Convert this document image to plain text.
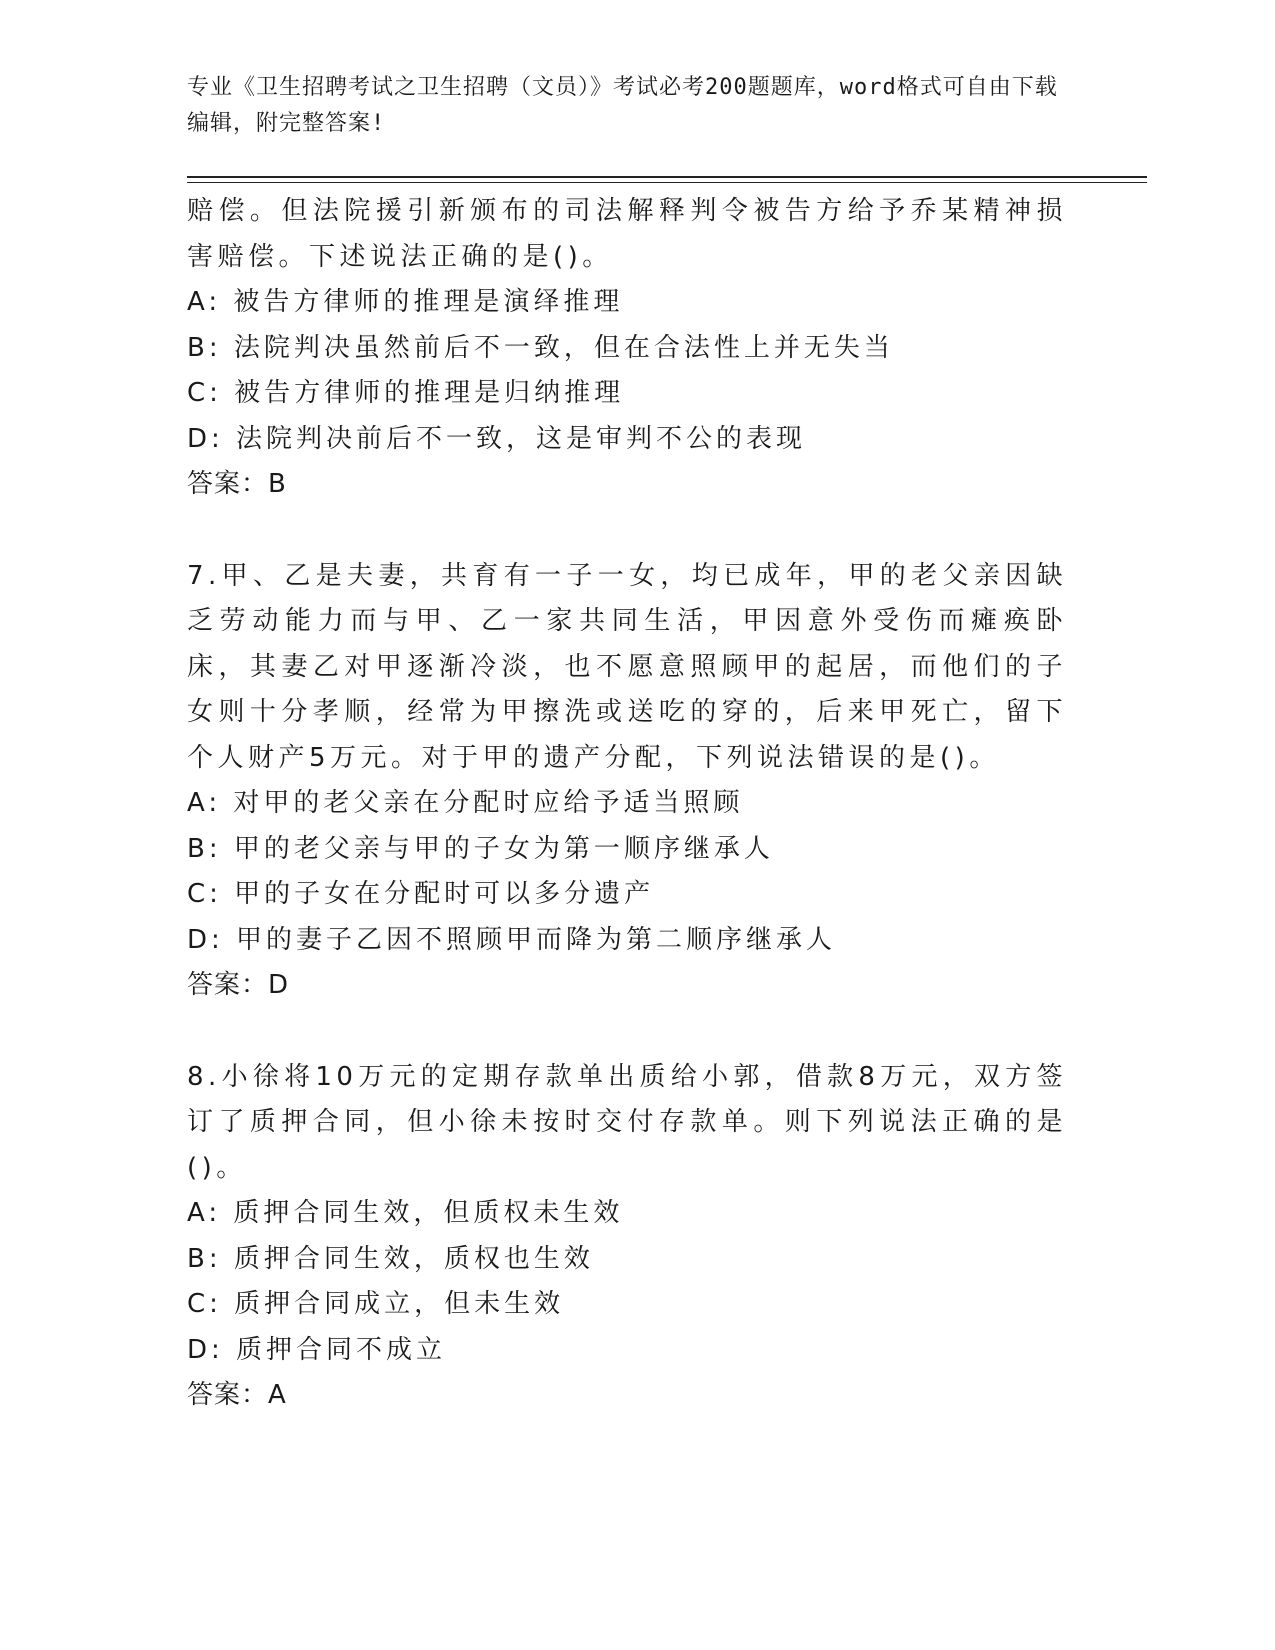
专业《卫生招聘考试之卫生招聘（文员）》考试必考200题题库，word格式可自由下载编辑，附完整答案!
赔偿。但法院援引新颁布的司法解释判令被告方给予乔某精神损害赔偿。下述说法正确的是()。
A: 被告方律师的推理是演绎推理
B: 法院判决虽然前后不一致，但在合法性上并无失当
C: 被告方律师的推理是归纳推理
D: 法院判决前后不一致，这是审判不公的表现
答案：B
7.甲、乙是夫妻，共育有一子一女，均已成年，甲的老父亲因缺乏劳动能力而与甲、乙一家共同生活，甲因意外受伤而瘫痪卧床，其妻乙对甲逐渐冷淡，也不愿意照顾甲的起居，而他们的子女则十分孝顺，经常为甲擦洗或送吃的穿的，后来甲死亡，留下个人财产5万元。对于甲的遗产分配，下列说法错误的是()。
A: 对甲的老父亲在分配时应给予适当照顾
B: 甲的老父亲与甲的子女为第一顺序继承人
C: 甲的子女在分配时可以多分遗产
D: 甲的妻子乙因不照顾甲而降为第二顺序继承人
答案：D
8.小徐将10万元的定期存款单出质给小郭，借款8万元，双方签订了质押合同，但小徐未按时交付存款单。则下列说法正确的是()。
A: 质押合同生效，但质权未生效
B: 质押合同生效，质权也生效
C: 质押合同成立，但未生效
D: 质押合同不成立
答案：A
